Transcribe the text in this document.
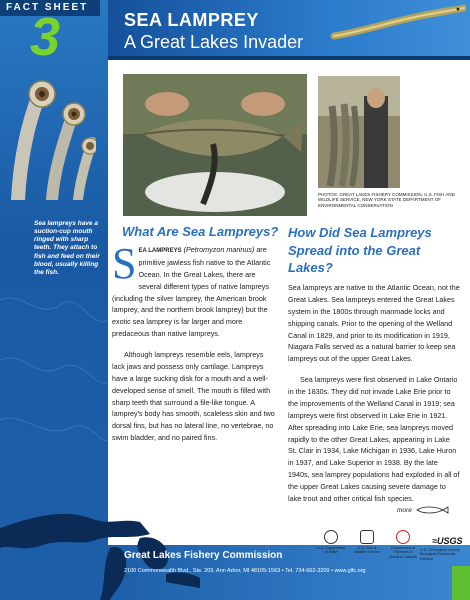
FACT SHEET
3
Sea lampreys have a suction-cup mouth ringed with sharp teeth. They attach to fish and feed on their blood, usually killing the fish.
SEA LAMPREY
A Great Lakes Invader
PHOTOS: GREAT LAKES FISHERY COMMISSION, U.S. FISH AND WILDLIFE SERVICE, NEW YORK STATE DEPARTMENT OF ENVIRONMENTAL CONSERVATION
What Are Sea Lampreys? How Did Sea Lampreys Spread into the Great Lakes?

SEA LAMPREYS (Petromyzon marinus) are primitive jawless fish native to the Atlantic Ocean. In the Great Lakes, there are several different types of native lampreys (including the silver lamprey, the American brook lamprey, and the northern brook lamprey) but the exotic sea lamprey is far larger and more predaceous than native lampreys.

Although lampreys resemble eels, lampreys lack jaws and possess only cartilage. Lampreys have a large sucking disk for a mouth and a well-developed sense of smell. The mouth is filled with sharp teeth that surround a file-like tongue. A lamprey's body has smooth, scaleless skin and two dorsal fins, but has no lateral line, no vertebrae, no swim bladder, and no paired fins.

Sea lampreys are native to the Atlantic Ocean, not the Great Lakes. Sea lampreys entered the Great Lakes system in the 1800s through manmade locks and shipping canals. Prior to the opening of the Welland Canal in 1829, and prior to its modification in 1919, Niagara Falls served as a natural barrier to keep sea lampreys out of the upper Great Lakes.

Sea lampreys were first observed in Lake Ontario in the 1830s. They did not invade Lake Erie prior to the improvements of the Welland Canal in 1919; sea lampreys were first observed in Lake Erie in 1921. After spreading into Lake Erie, sea lampreys moved rapidly to the other Great Lakes, appearing in Lake St. Clair in 1934, Lake Michigan in 1936, Lake Huron in 1937, and Lake Superior in 1938. By the late 1940s, sea lamprey populations had exploded in all of the upper Great Lakes causing severe damage to lake trout and other critical fish species.

more
Great Lakes Fishery Commission
2100 Commonwealth Blvd., Ste. 209, Ann Arbor, MI 48105-1563 • Tel. 734-662-3209 • www.glfc.org
U.S. Department of State
U.S. Fish & Wildlife Service
Department of Fisheries & Oceans Canada
≈USGS
U.S. Geological Survey, Biological Resources Division
